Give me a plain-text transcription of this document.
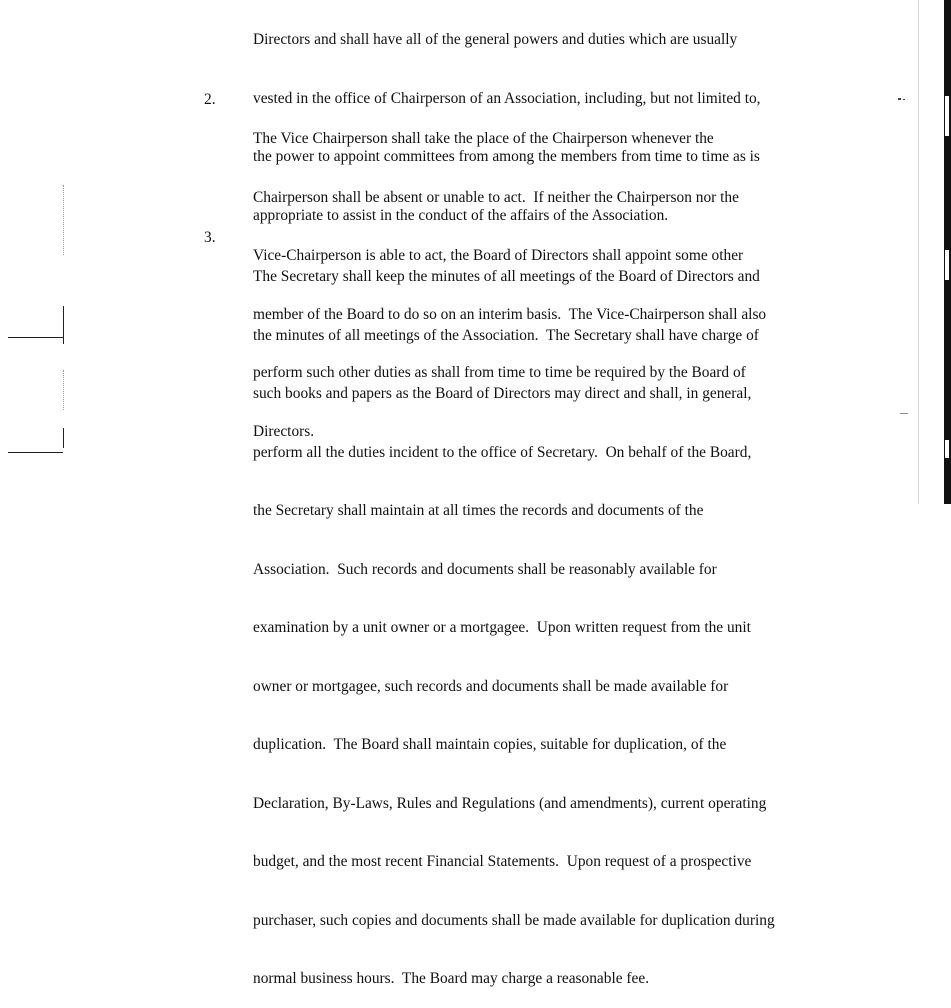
Directors and shall have all of the general powers and duties which are usually

vested in the office of Chairperson of an Association, including, but not limited to,

the power to appoint committees from among the members from time to time as is

appropriate to assist in the conduct of the affairs of the Association.

2.

The Vice Chairperson shall take the place of the Chairperson whenever the

Chairperson shall be absent or unable to act.  If neither the Chairperson nor the

Vice-Chairperson is able to act, the Board of Directors shall appoint some other

member of the Board to do so on an interim basis.  The Vice-Chairperson shall also

perform such other duties as shall from time to time be required by the Board of

Directors.

3.

The Secretary shall keep the minutes of all meetings of the Board of Directors and

the minutes of all meetings of the Association.  The Secretary shall have charge of

such books and papers as the Board of Directors may direct and shall, in general,

perform all the duties incident to the office of Secretary.  On behalf of the Board,

the Secretary shall maintain at all times the records and documents of the

Association.  Such records and documents shall be reasonably available for

examination by a unit owner or a mortgagee.  Upon written request from the unit

owner or mortgagee, such records and documents shall be made available for

duplication.  The Board shall maintain copies, suitable for duplication, of the

Declaration, By-Laws, Rules and Regulations (and amendments), current operating

budget, and the most recent Financial Statements.  Upon request of a prospective

purchaser, such copies and documents shall be made available for duplication during

normal business hours.  The Board may charge a reasonable fee.
